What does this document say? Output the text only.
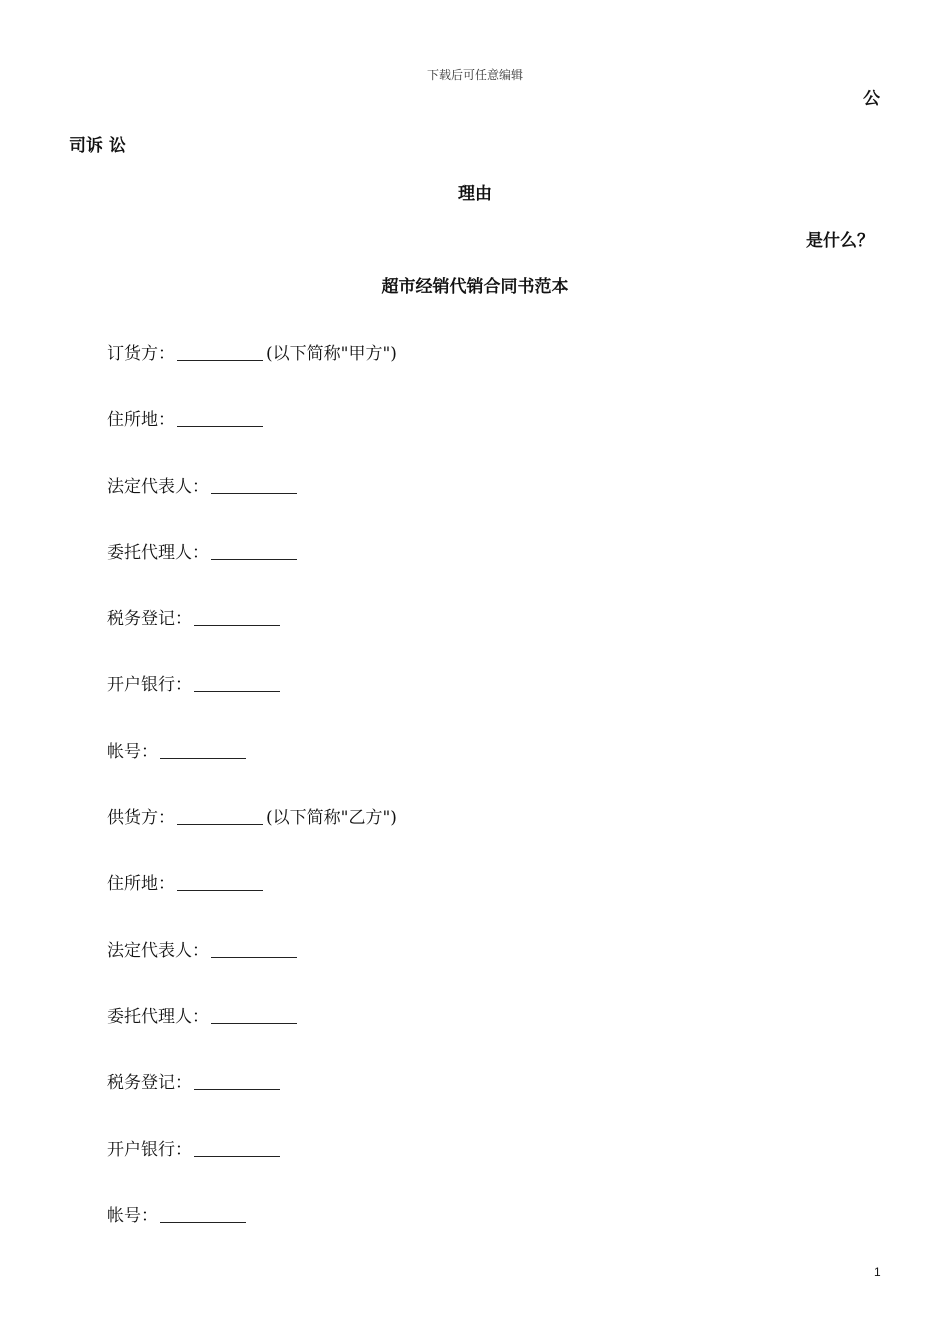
下载后可任意编辑
公
司诉 讼
理由
是什么？
超市经销代销合同书范本
订货方：	(以下简称"甲方")
住所地：
法定代表人：
委托代理人：
税务登记：
开户银行：
帐号：
供货方：	(以下简称"乙方")
住所地：
法定代表人：
委托代理人：
税务登记：
开户银行：
帐号：
1
